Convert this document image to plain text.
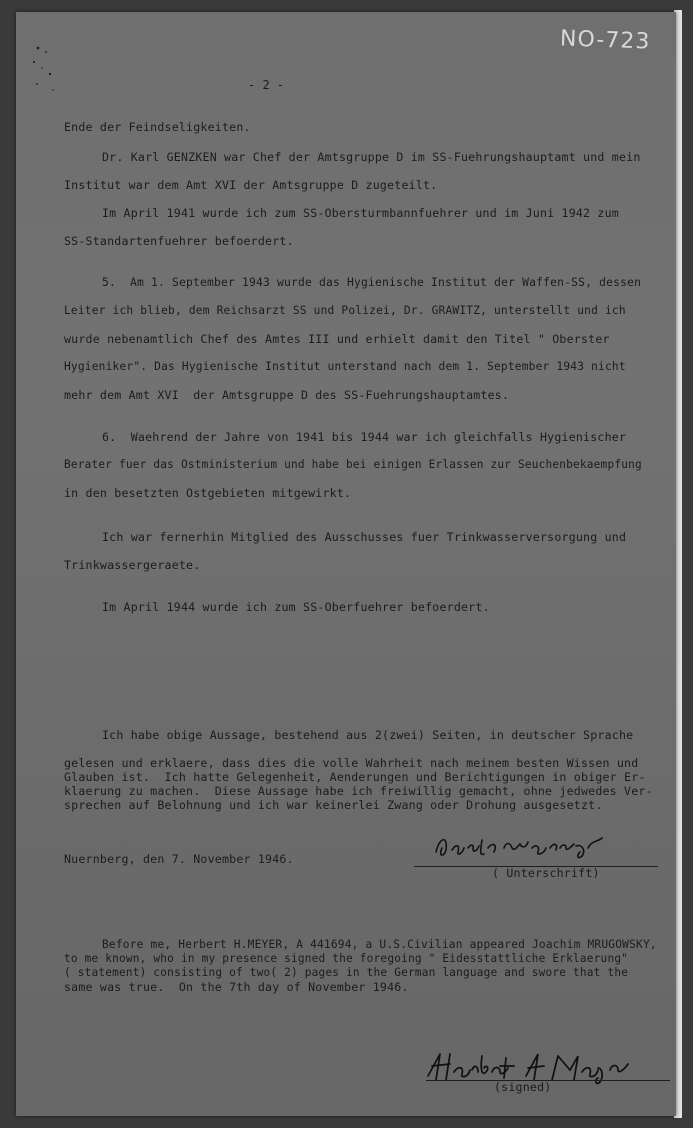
NO-723
- 2 -
Ende der Feindseligkeiten.
Dr. Karl GENZKEN war Chef der Amtsgruppe D im SS-Fuehrungshauptamt und mein
Institut war dem Amt XVI der Amtsgruppe D zugeteilt.
Im April 1941 wurde ich zum SS-Obersturmbannfuehrer und im Juni 1942 zum
SS-Standartenfuehrer befoerdert.
5.  Am 1. September 1943 wurde das Hygienische Institut der Waffen-SS, dessen
Leiter ich blieb, dem Reichsarzt SS und Polizei, Dr. GRAWITZ, unterstellt und ich
wurde nebenamtlich Chef des Amtes III und erhielt damit den Titel " Oberster
Hygieniker". Das Hygienische Institut unterstand nach dem 1. September 1943 nicht
mehr dem Amt XVI  der Amtsgruppe D des SS-Fuehrungshauptamtes.
6.  Waehrend der Jahre von 1941 bis 1944 war ich gleichfalls Hygienischer
Berater fuer das Ostministerium und habe bei einigen Erlassen zur Seuchenbekaempfung
in den besetzten Ostgebieten mitgewirkt.
Ich war fernerhin Mitglied des Ausschusses fuer Trinkwasserversorgung und
Trinkwassergeraete.
Im April 1944 wurde ich zum SS-Oberfuehrer befoerdert.
Ich habe obige Aussage, bestehend aus 2(zwei) Seiten, in deutscher Sprache
gelesen und erklaere, dass dies die volle Wahrheit nach meinem besten Wissen und
Glauben ist.  Ich hatte Gelegenheit, Aenderungen und Berichtigungen in obiger Er-
klaerung zu machen.  Diese Aussage habe ich freiwillig gemacht, ohne jedwedes Ver-
sprechen auf Belohnung und ich war keinerlei Zwang oder Drohung ausgesetzt.
Nuernberg, den 7. November 1946.
( Unterschrift)
Before me, Herbert H.MEYER, A 441694, a U.S.Civilian appeared Joachim MRUGOWSKY,
to me known, who in my presence signed the foregoing " Eidesstattliche Erklaerung"
( statement) consisting of two( 2) pages in the German language and swore that the
same was true.  On the 7th day of November 1946.
(signed)
